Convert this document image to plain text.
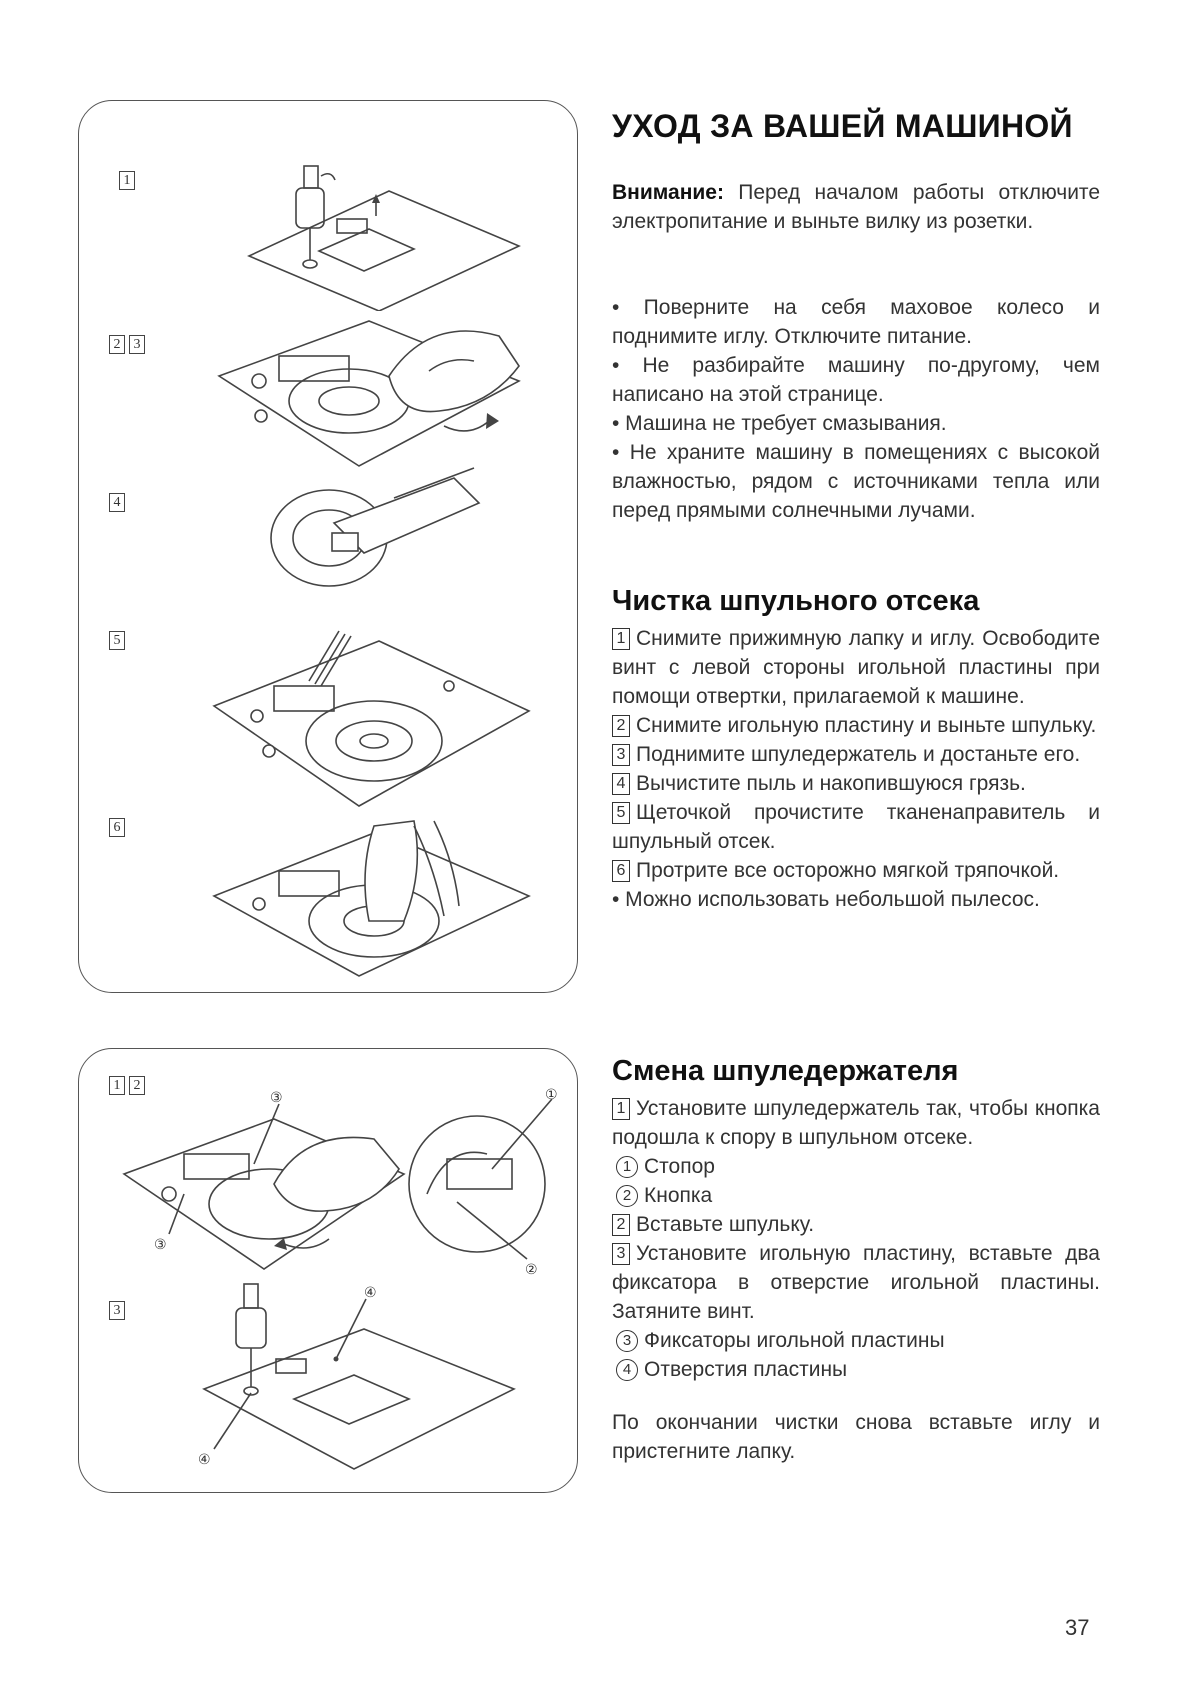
1
2 3
4
5
6
1 2
3
③
③
①
②
④
④
УХОД ЗА ВАШЕЙ МАШИНОЙ

Внимание: Перед началом работы отключите электропитание и выньте вилку из розетки.

• Поверните на себя маховое колесо и поднимите иглу. Отключите питание.

• Не разбирайте машину по-другому, чем написано на этой странице.

• Машина не требует смазывания.

• Не храните машину в помещениях с высокой влажностью, рядом с источниками тепла или перед прямыми солнечными лучами.

Чистка шпульного отсека

1 Снимите прижимную лапку и иглу. Освободите винт с левой стороны игольной пластины при помощи отвертки, прилагаемой к машине.

2 Снимите игольную пластину и выньте шпульку.

3 Поднимите шпуледержатель и достаньте его.

4 Вычистите пыль и накопившуюся грязь.

5 Щеточкой прочистите тканенаправитель и шпульный отсек.

6 Протрите все осторожно мягкой тряпочкой.

• Можно использовать небольшой пылесос.

Смена шпуледержателя

1 Установите шпуледержатель так, чтобы кнопка подошла к спору в шпульном отсеке.

1 Стопор

2 Кнопка

2 Вставьте шпульку.

3 Установите игольную пластину, вставьте два фиксатора в отверстие игольной пластины. Затяните винт.

3 Фиксаторы игольной пластины

4 Отверстия пластины

По окончании чистки снова вставьте иглу и пристегните лапку.

37
